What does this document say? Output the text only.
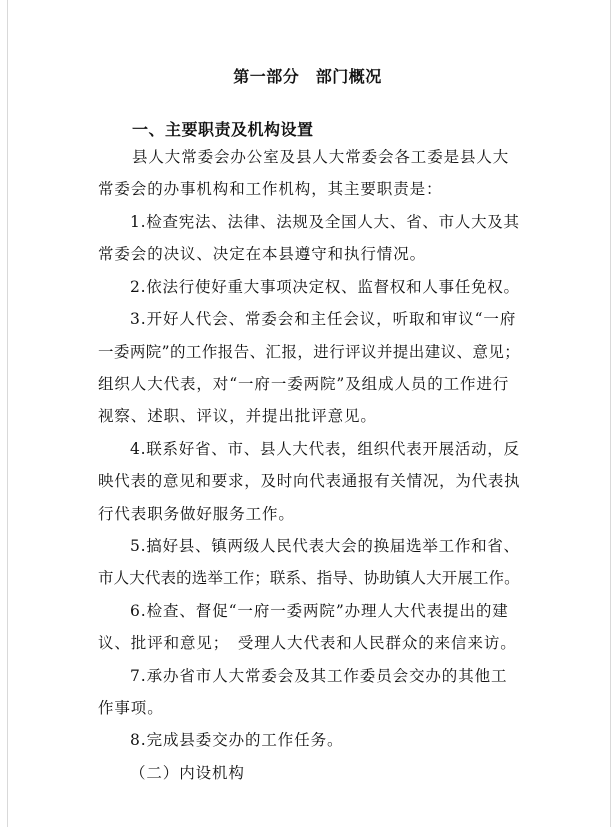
第一部分　部门概况
一、主要职责及机构设置
县人大常委会办公室及县人大常委会各工委是县人大
常委会的办事机构和工作机构，其主要职责是：
1.检查宪法、法律、法规及全国人大、省、市人大及其
常委会的决议、决定在本县遵守和执行情况。
2.依法行使好重大事项决定权、监督权和人事任免权。
3.开好人代会、常委会和主任会议，听取和审议“一府
一委两院”的工作报告、汇报，进行评议并提出建议、意见；
组织人大代表，对“一府一委两院”及组成人员的工作进行
视察、述职、评议，并提出批评意见。
4.联系好省、市、县人大代表，组织代表开展活动，反
映代表的意见和要求，及时向代表通报有关情况，为代表执
行代表职务做好服务工作。
5.搞好县、镇两级人民代表大会的换届选举工作和省、
市人大代表的选举工作；联系、指导、协助镇人大开展工作。
6.检查、督促“一府一委两院”办理人大代表提出的建
议、批评和意见；　受理人大代表和人民群众的来信来访。
7.承办省市人大常委会及其工作委员会交办的其他工
作事项。
8.完成县委交办的工作任务。
（二）内设机构
